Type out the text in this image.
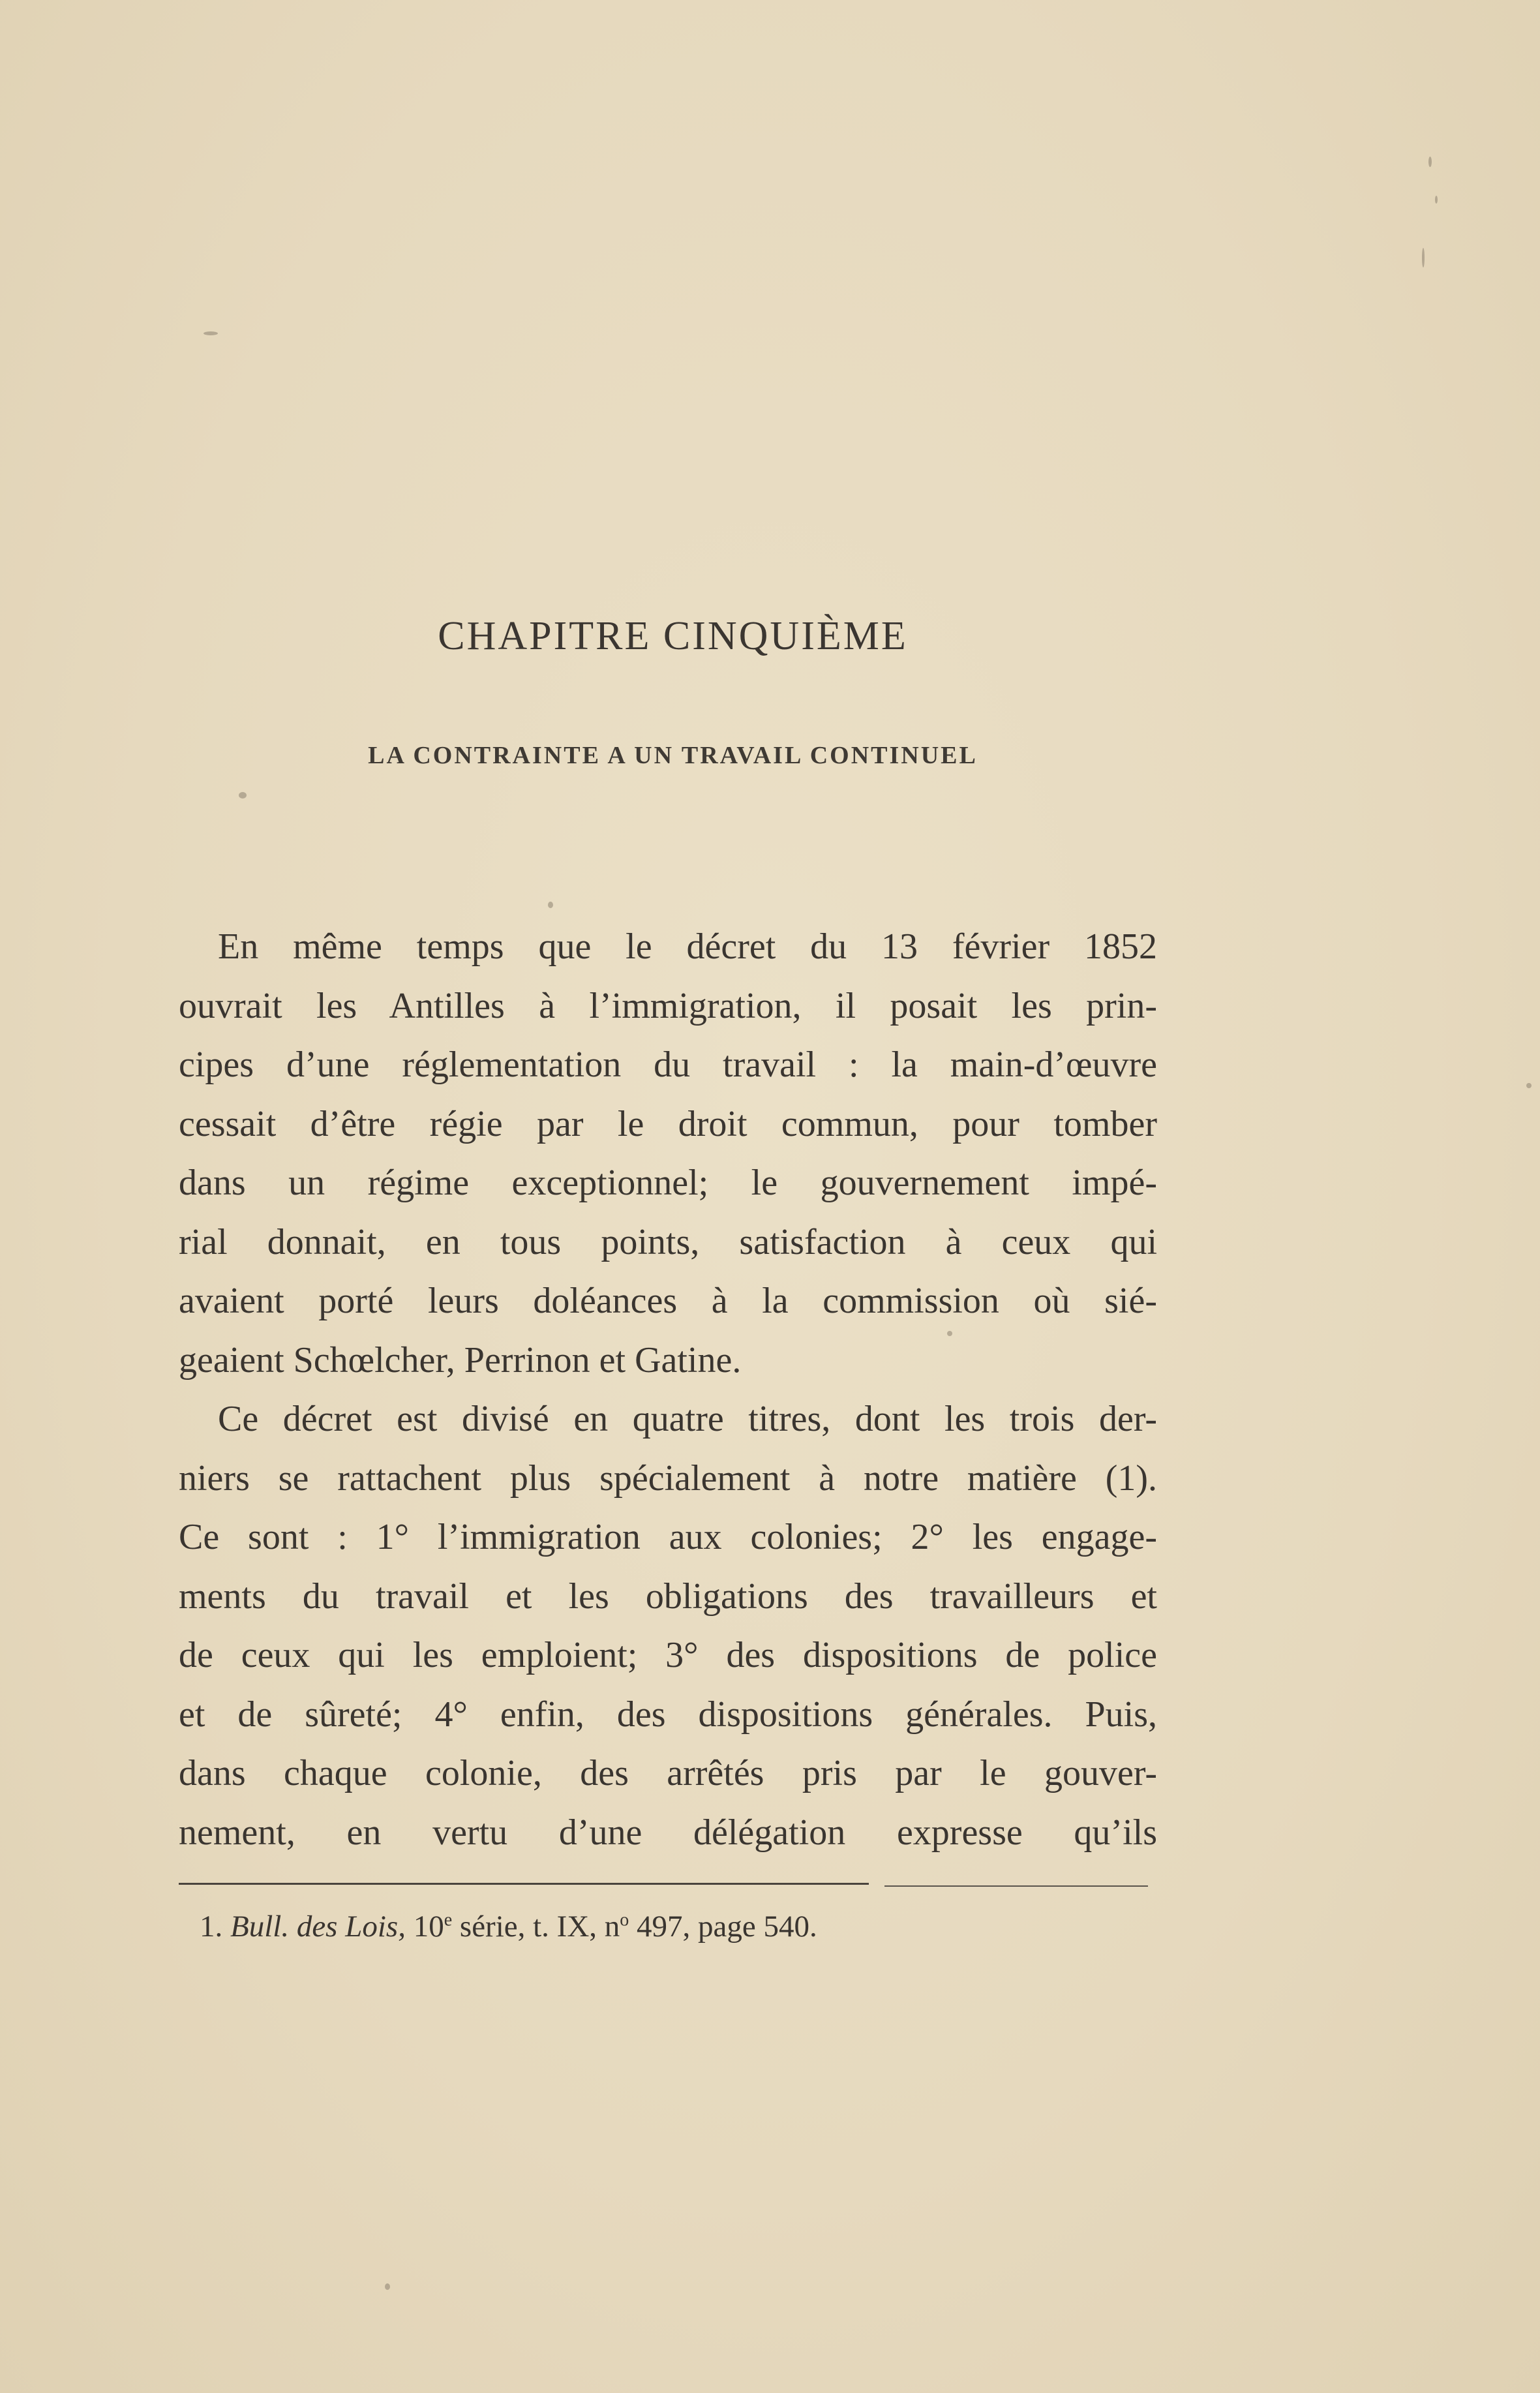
CHAPITRE CINQUIÈME
LA CONTRAINTE A UN TRAVAIL CONTINUEL
En même temps que le décret du 13 février 1852
ouvrait les Antilles à l’immigration, il posait les prin-
cipes d’une réglementation du travail : la main-d’œuvre
cessait d’être régie par le droit commun, pour tomber
dans un régime exceptionnel; le gouvernement impé-
rial donnait, en tous points, satisfaction à ceux qui
avaient porté leurs doléances à la commission où sié-
geaient Schœlcher, Perrinon et Gatine.
Ce décret est divisé en quatre titres, dont les trois der-
niers se rattachent plus spécialement à notre matière (1).
Ce sont : 1° l’immigration aux colonies; 2° les engage-
ments du travail et les obligations des travailleurs et
de ceux qui les emploient; 3° des dispositions de police
et de sûreté; 4° enfin, des dispositions générales. Puis,
dans chaque colonie, des arrêtés pris par le gouver-
nement, en vertu d’une délégation expresse qu’ils
1. Bull. des Lois, 10e série, t. IX, $n^o$ 497, page 540.
